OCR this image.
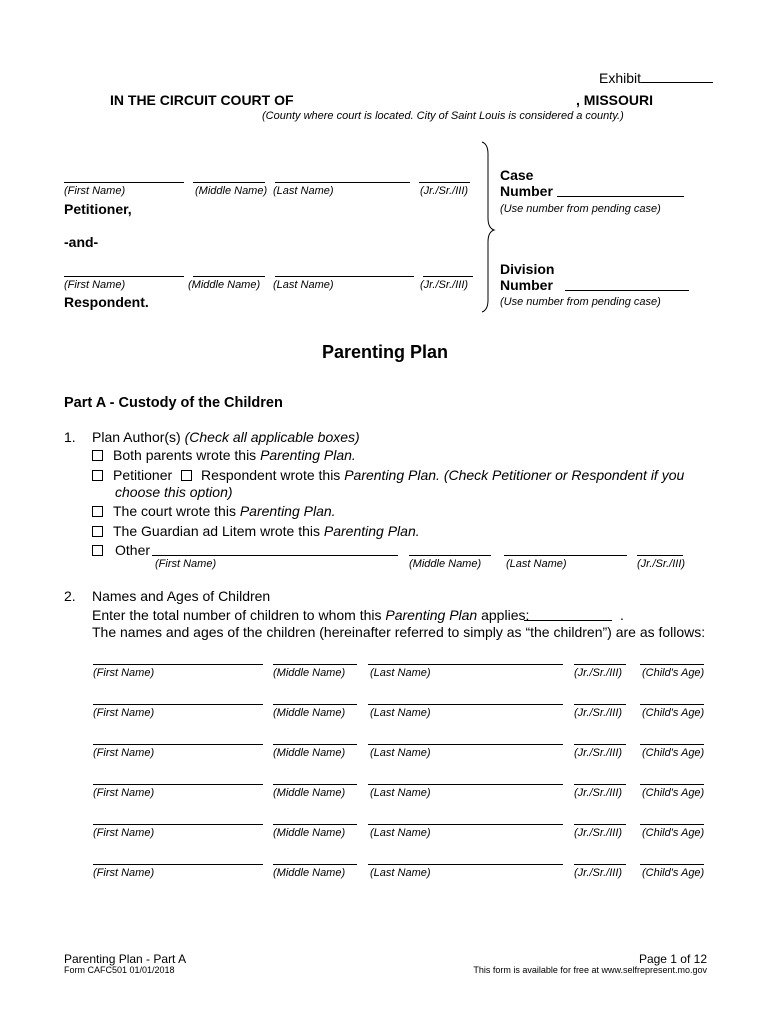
Exhibit
IN THE CIRCUIT COURT OF	, MISSOURI
(County where court is located. City of Saint Louis is considered a county.)
(First Name)	(Middle Name) (Last Name)	(Jr./Sr./III)
Petitioner,
-and-
(First Name)	(Middle Name) (Last Name)	(Jr./Sr./III)
Respondent.
Case
Number
(Use number from pending case)
Division
Number
(Use number from pending case)
Parenting Plan
Part A - Custody of the Children
1. Plan Author(s) (Check all applicable boxes)
Both parents wrote this Parenting Plan.
Petitioner Respondent wrote this Parenting Plan. (Check Petitioner or Respondent if you
choose this option)
The court wrote this Parenting Plan.
The Guardian ad Litem wrote this Parenting Plan.
Other
(First Name)	(Middle Name) (Last Name)	(Jr./Sr./III)
2. Names and Ages of Children
Enter the total number of children to whom this Parenting Plan applies:	.
The names and ages of the children (hereinafter referred to simply as “the children”) are as follows:
(First Name)	(Middle Name) (Last Name)	(Jr./Sr./III) (Child's Age)
(First Name)	(Middle Name) (Last Name)	(Jr./Sr./III) (Child's Age)
(First Name)	(Middle Name) (Last Name)	(Jr./Sr./III) (Child's Age)
(First Name)	(Middle Name) (Last Name)	(Jr./Sr./III) (Child's Age)
(First Name)	(Middle Name) (Last Name)	(Jr./Sr./III) (Child's Age)
(First Name)	(Middle Name) (Last Name)	(Jr./Sr./III) (Child's Age)
Parenting Plan - Part A
Form CAFC501 01/01/2018
Page 1 of 12
This form is available for free at www.selfrepresent.mo.gov
